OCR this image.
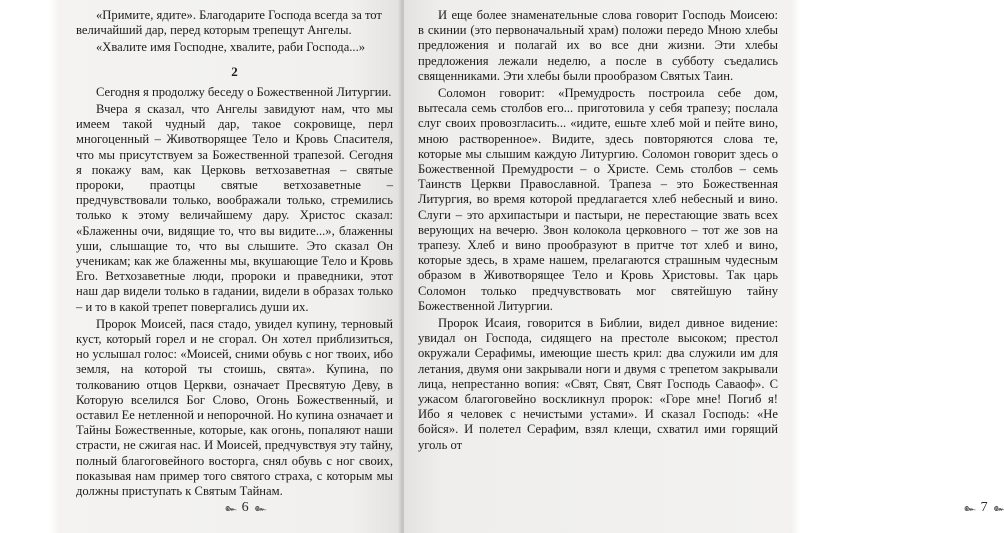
«Примите, ядите». Благодарите Господа всегда за тот

величайший дар, перед которым трепещут Ангелы.

«Хвалите имя Господне, хвалите, раби Господа...»

2

Сегодня я продолжу беседу о Божественной Литургии.

Вчера я сказал, что Ангелы завидуют нам, что мы имеем такой чудный дар, такое сокровище, перл многоценный – Животворящее Тело и Кровь Спасителя, что мы присутствуем за Божественной трапезой. Сегодня я покажу вам, как Церковь ветхозаветная – святые пророки, праотцы святые ветхозаветные – предчувствовали только, воображали только, стремились только к этому величайшему дару. Христос сказал: «Блаженны очи, видящие то, что вы видите...», блаженны уши, слышащие то, что вы слышите. Это сказал Он ученикам; как же блаженны мы, вкушающие Тело и Кровь Его. Ветхозаветные люди, пророки и праведники, этот наш дар видели только в гадании, видели в образах только – и то в какой трепет повергались души их.

Пророк Моисей, пася стадо, увидел купину, терновый куст, который горел и не сгорал. Он хотел приблизиться, но услышал голос: «Моисей, сними обувь с ног твоих, ибо земля, на которой ты стоишь, свята». Купина, по толкованию отцов Церкви, означает Пресвятую Деву, в Которую вселился Бог Слово, Огонь Божественный, и оставил Ее нетленной и непорочной. Но купина означает и Тайны Божественные, которые, как огонь, попаляют наши страсти, не сжигая нас. И Моисей, предчувствуя эту тайну, полный благоговейного восторга, снял обувь с ног своих, показывая нам пример того святого страха, с которым мы должны приступать к Святым Тайнам.

๛ 6 ๛

И еще более знаменательные слова говорит Господь Моисею: в скинии (это первоначальный храм) положи передо Мною хлебы предложения и полагай их во все дни жизни. Эти хлебы предложения лежали неделю, а после в субботу съедались священниками. Эти хлебы были прообразом Святых Таин.

Соломон говорит: «Премудрость построила себе дом, вытесала семь столбов его... приготовила у себя трапезу; послала слуг своих провозгласить... «идите, ешьте хлеб мой и пейте вино, мною растворенное». Видите, здесь повторяются слова те, которые мы слышим каждую Литургию. Соломон говорит здесь о Божественной Премудрости – о Христе. Семь столбов – семь Таинств Церкви Православной. Трапеза – это Божественная Литургия, во время которой предлагается хлеб небесный и вино. Слуги – это архипастыри и пастыри, не перестающие звать всех верующих на вечерю. Звон колокола церковного – тот же зов на трапезу. Хлеб и вино прообразуют в притче тот хлеб и вино, которые здесь, в храме нашем, прелагаются страшным чудесным образом в Животворящее Тело и Кровь Христовы. Так царь Соломон только предчувствовать мог святейшую тайну Божественной Литургии.

Пророк Исаия, говорится в Библии, видел дивное видение: увидал он Господа, сидящего на престоле высоком; престол окружали Серафимы, имеющие шесть крил: два служили им для летания, двумя они закрывали ноги и двумя с трепетом закрывали лица, непрестанно вопия: «Свят, Свят, Свят Господь Саваоф». С ужасом благоговейно воскликнул пророк: «Горе мне! Погиб я! Ибо я человек с нечистыми устами». И сказал Господь: «Не бойся». И полетел Серафим, взял клещи, схватил ими горящий уголь от

๛ 7 ๛
